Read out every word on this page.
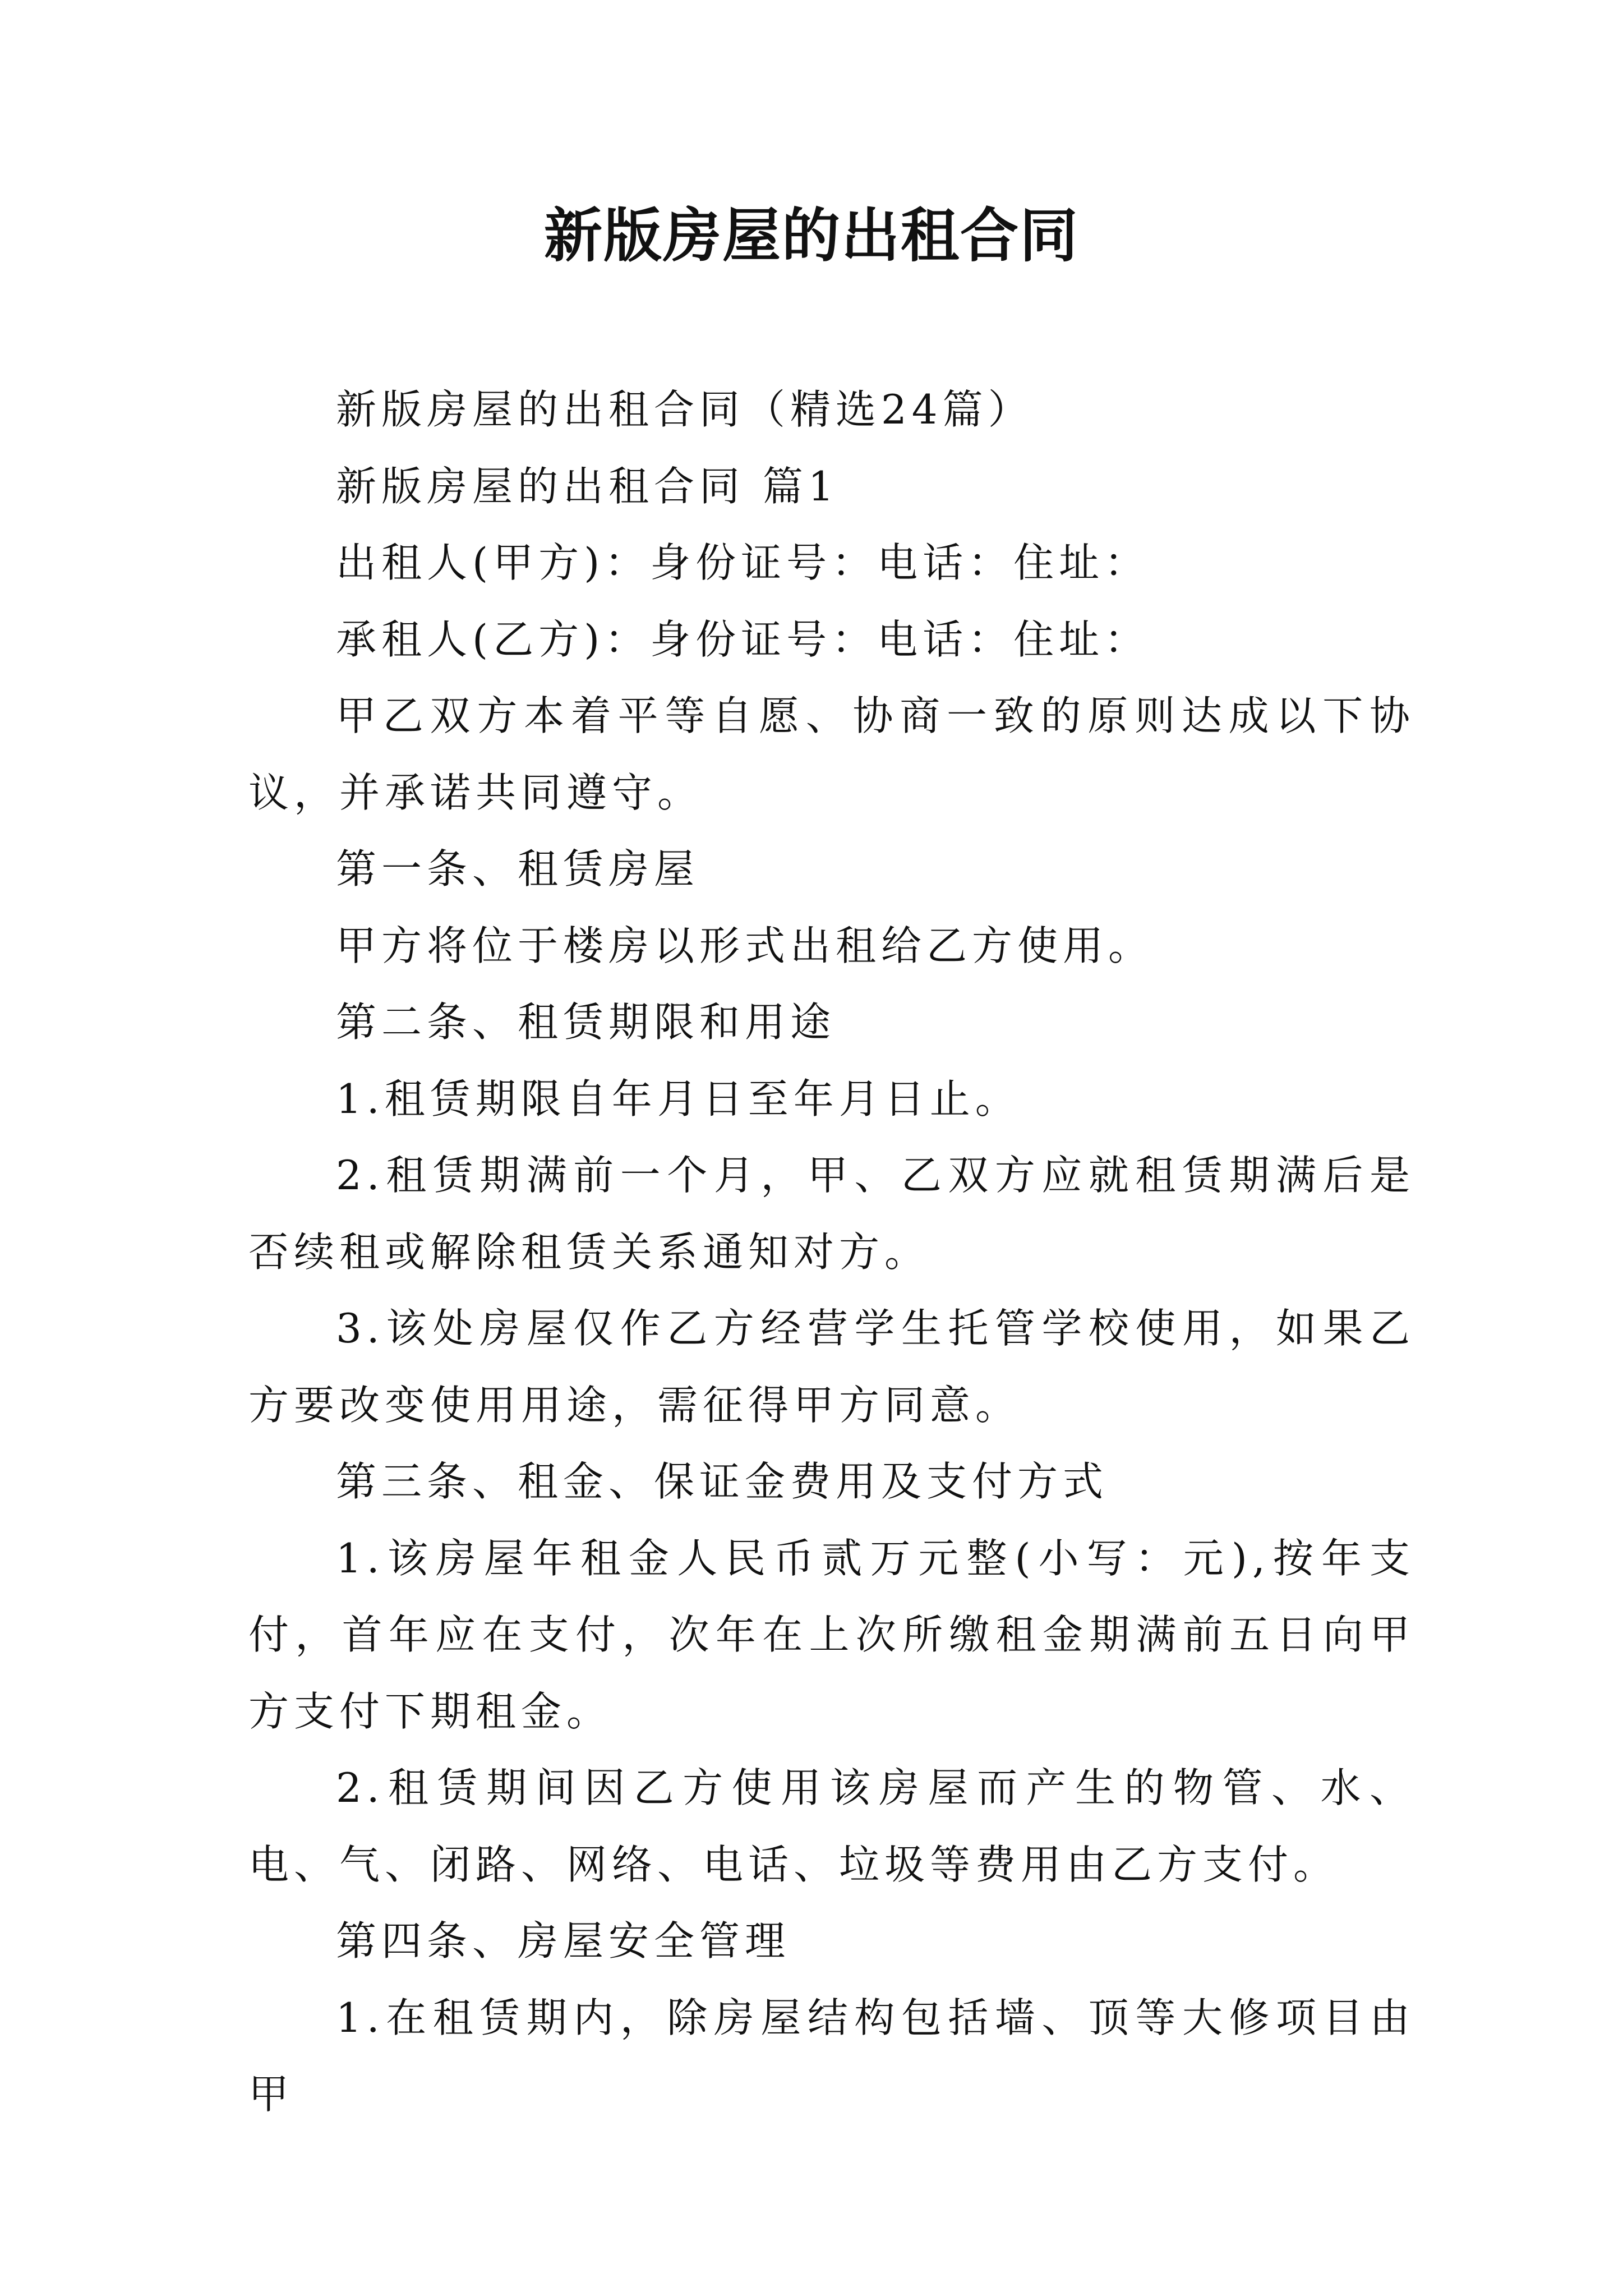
新版房屋的出租合同

新版房屋的出租合同（精选24篇）

新版房屋的出租合同 篇1

出租人(甲方)：身份证号：电话：住址：

承租人(乙方)：身份证号：电话：住址：

甲乙双方本着平等自愿、协商一致的原则达成以下协议，并承诺共同遵守。

第一条、租赁房屋

甲方将位于楼房以形式出租给乙方使用。

第二条、租赁期限和用途

1.租赁期限自年月日至年月日止。

2.租赁期满前一个月，甲、乙双方应就租赁期满后是否续租或解除租赁关系通知对方。

3.该处房屋仅作乙方经营学生托管学校使用，如果乙方要改变使用用途，需征得甲方同意。

第三条、租金、保证金费用及支付方式

1.该房屋年租金人民币贰万元整(小写：元),按年支付，首年应在支付，次年在上次所缴租金期满前五日向甲方支付下期租金。

2.租赁期间因乙方使用该房屋而产生的物管、水、电、气、闭路、网络、电话、垃圾等费用由乙方支付。

第四条、房屋安全管理

1.在租赁期内，除房屋结构包括墙、顶等大修项目由甲
